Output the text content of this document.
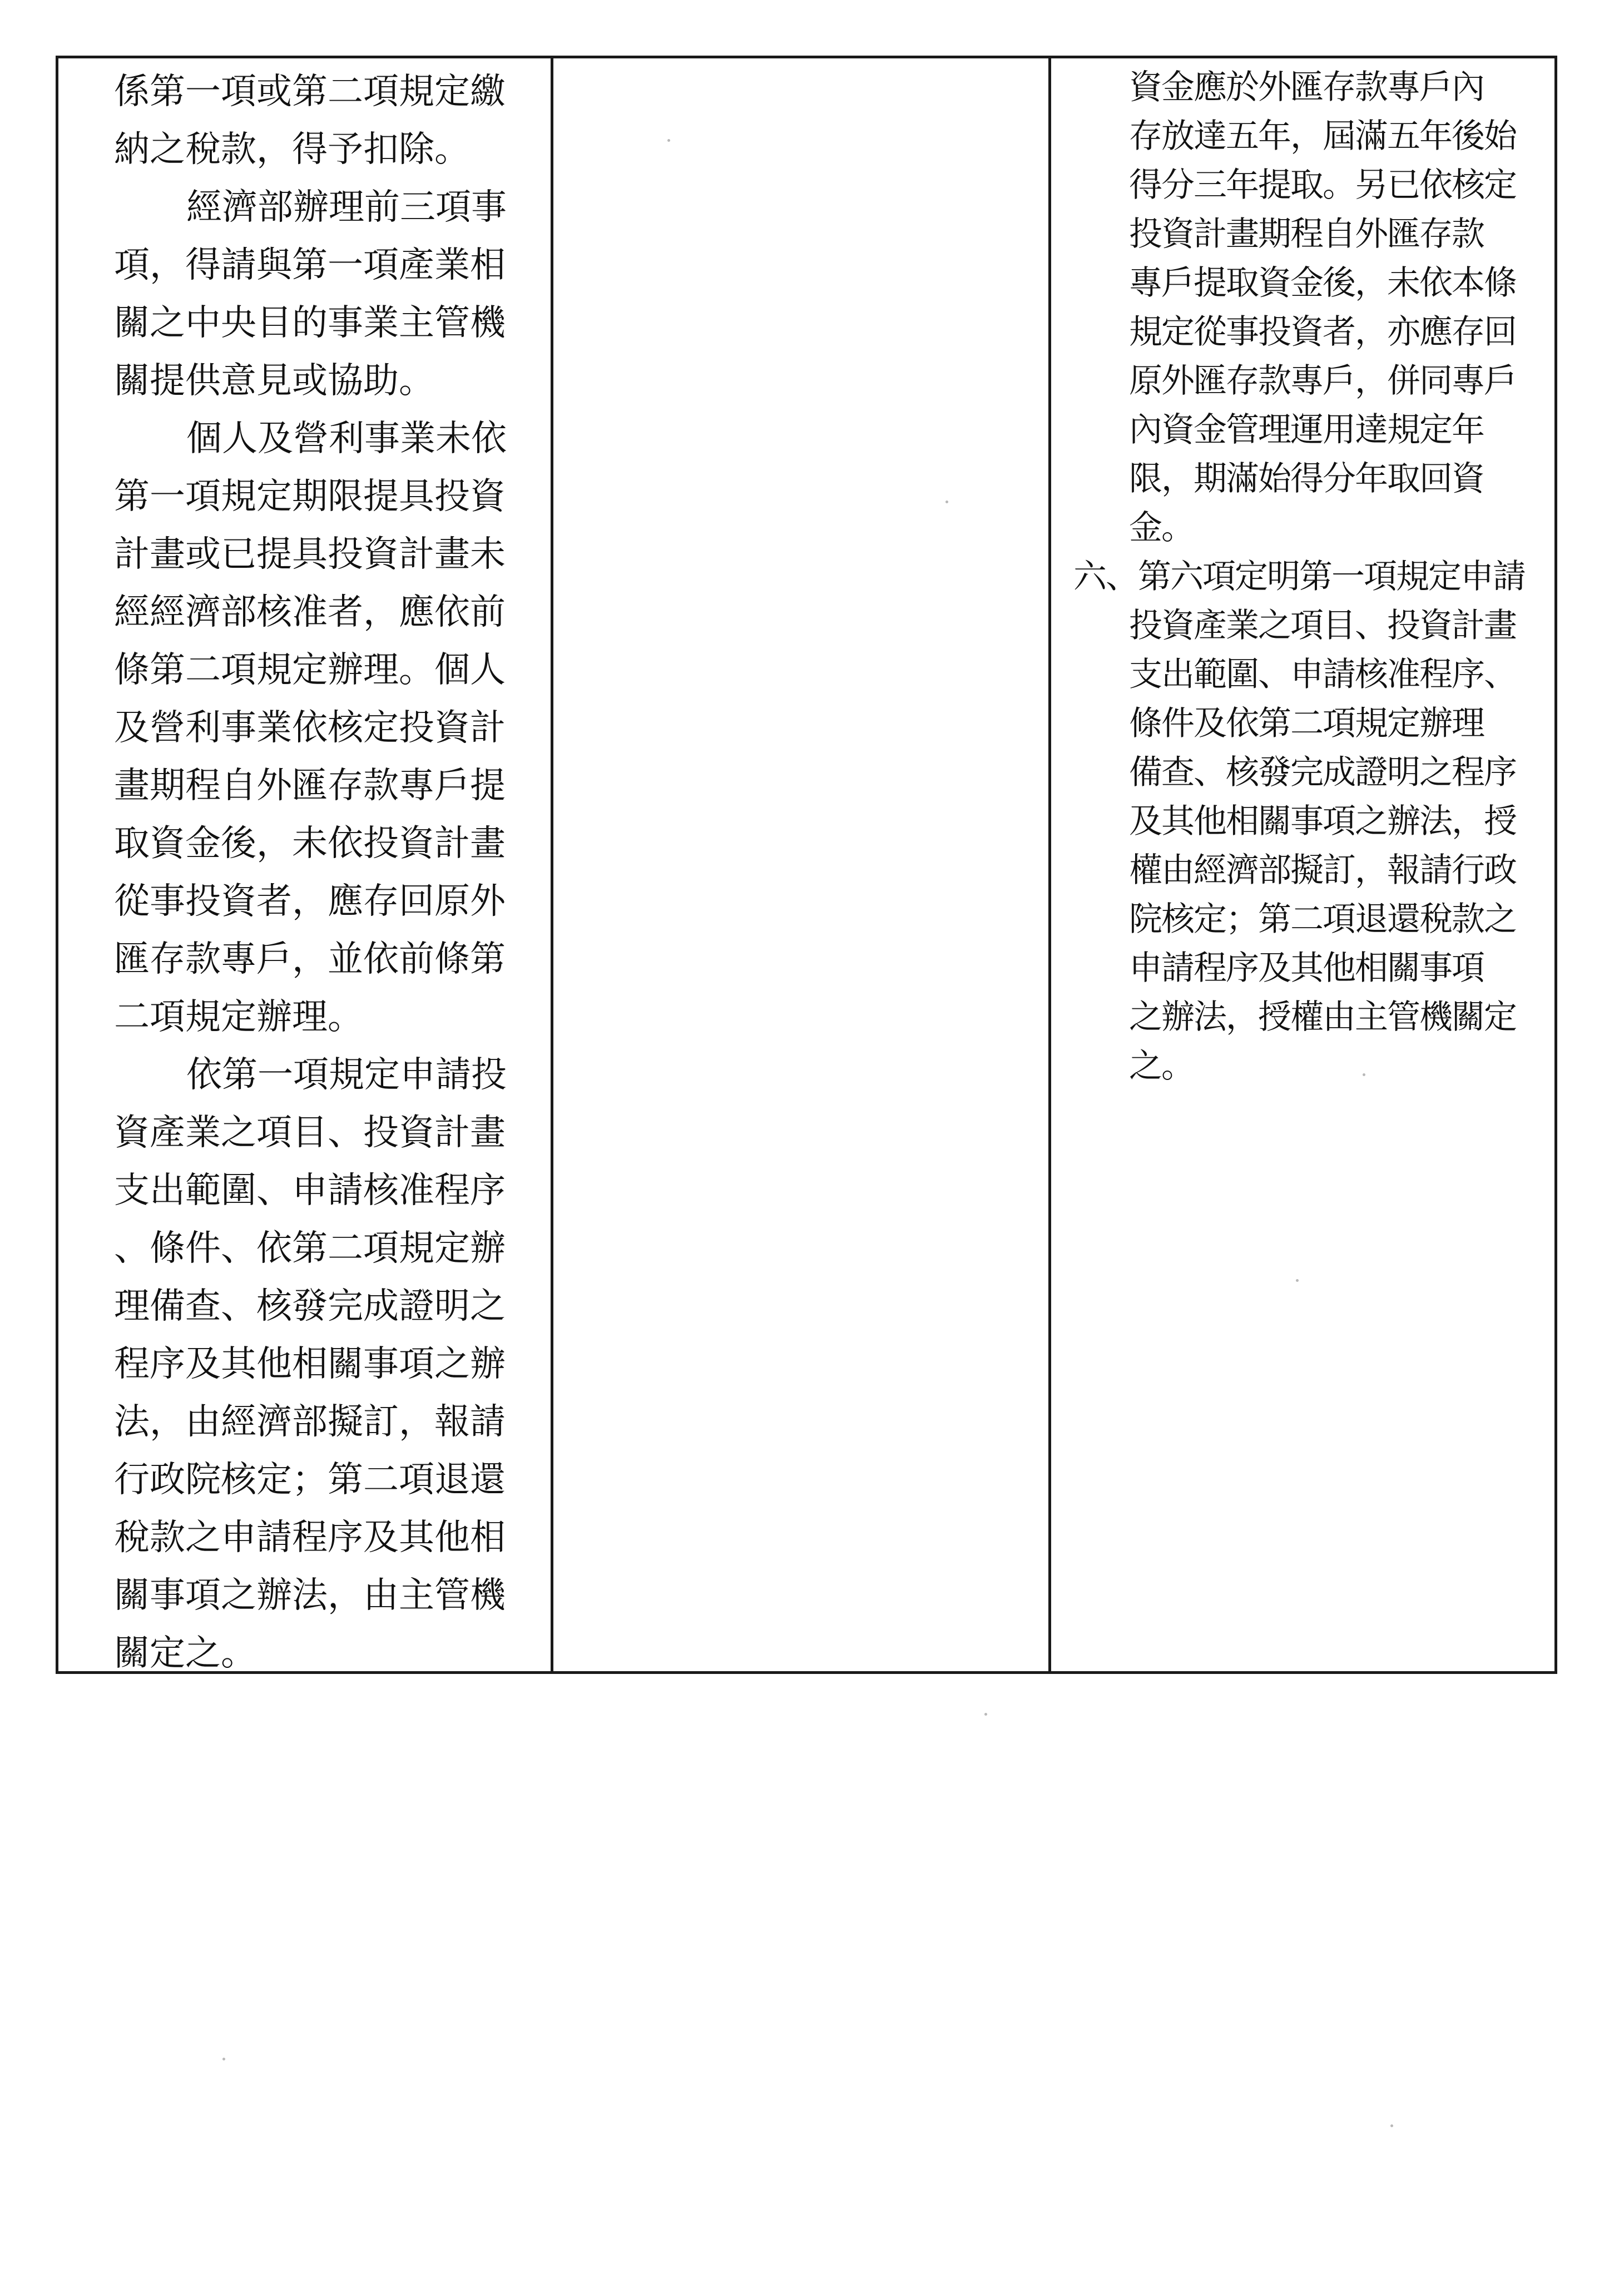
係第一項或第二項規定繳
納之稅款，得予扣除。
經濟部辦理前三項事
項，得請與第一項產業相
關之中央目的事業主管機
關提供意見或協助。
個人及營利事業未依
第一項規定期限提具投資
計畫或已提具投資計畫未
經經濟部核准者，應依前
條第二項規定辦理。個人
及營利事業依核定投資計
畫期程自外匯存款專戶提
取資金後，未依投資計畫
從事投資者，應存回原外
匯存款專戶，並依前條第
二項規定辦理。
依第一項規定申請投
資產業之項目、投資計畫
支出範圍、申請核准程序
、條件、依第二項規定辦
理備查、核發完成證明之
程序及其他相關事項之辦
法，由經濟部擬訂，報請
行政院核定；第二項退還
稅款之申請程序及其他相
關事項之辦法，由主管機
關定之。
資金應於外匯存款專戶內
存放達五年，屆滿五年後始
得分三年提取。另已依核定
投資計畫期程自外匯存款
專戶提取資金後，未依本條
規定從事投資者，亦應存回
原外匯存款專戶，併同專戶
內資金管理運用達規定年
限，期滿始得分年取回資
金。
六、第六項定明第一項規定申請
投資產業之項目、投資計畫
支出範圍、申請核准程序、
條件及依第二項規定辦理
備查、核發完成證明之程序
及其他相關事項之辦法，授
權由經濟部擬訂，報請行政
院核定；第二項退還稅款之
申請程序及其他相關事項
之辦法，授權由主管機關定
之。
